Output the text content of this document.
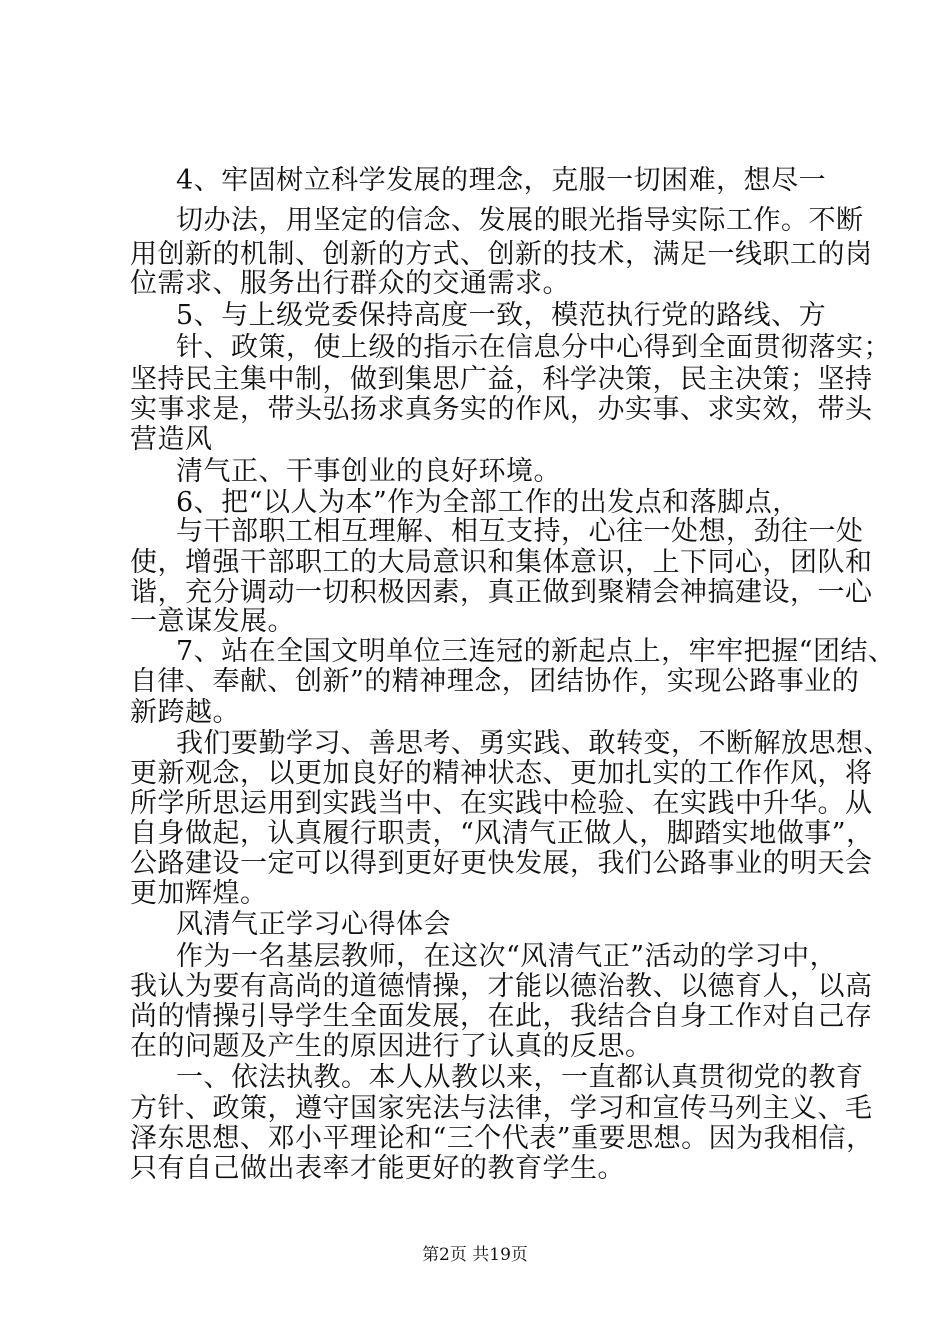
4、牢固树立科学发展的理念，克服一切困难，想尽一
切办法，用坚定的信念、发展的眼光指导实际工作。不断
用创新的机制、创新的方式、创新的技术，满足一线职工的岗
位需求、服务出行群众的交通需求。
5、与上级党委保持高度一致，模范执行党的路线、方
针、政策，使上级的指示在信息分中心得到全面贯彻落实；
坚持民主集中制，做到集思广益，科学决策，民主决策；坚持
实事求是，带头弘扬求真务实的作风，办实事、求实效，带头
营造风
清气正、干事创业的良好环境。
6、把“以人为本”作为全部工作的出发点和落脚点，
与干部职工相互理解、相互支持，心往一处想，劲往一处
使，增强干部职工的大局意识和集体意识，上下同心，团队和
谐，充分调动一切积极因素，真正做到聚精会神搞建设，一心
一意谋发展。
7、站在全国文明单位三连冠的新起点上，牢牢把握“团结、
自律、奉献、创新”的精神理念，团结协作，实现公路事业的
新跨越。
我们要勤学习、善思考、勇实践、敢转变，不断解放思想、
更新观念，以更加良好的精神状态、更加扎实的工作作风，将
所学所思运用到实践当中、在实践中检验、在实践中升华。从
自身做起，认真履行职责，“风清气正做人，脚踏实地做事”，
公路建设一定可以得到更好更快发展，我们公路事业的明天会
更加辉煌。
风清气正学习心得体会
作为一名基层教师，在这次“风清气正”活动的学习中，
我认为要有高尚的道德情操，才能以德治教、以德育人，以高
尚的情操引导学生全面发展，在此，我结合自身工作对自己存
在的问题及产生的原因进行了认真的反思。
一、依法执教。本人从教以来，一直都认真贯彻党的教育
方针、政策，遵守国家宪法与法律，学习和宣传马列主义、毛
泽东思想、邓小平理论和“三个代表”重要思想。因为我相信，
只有自己做出表率才能更好的教育学生。
第2页 共19页
